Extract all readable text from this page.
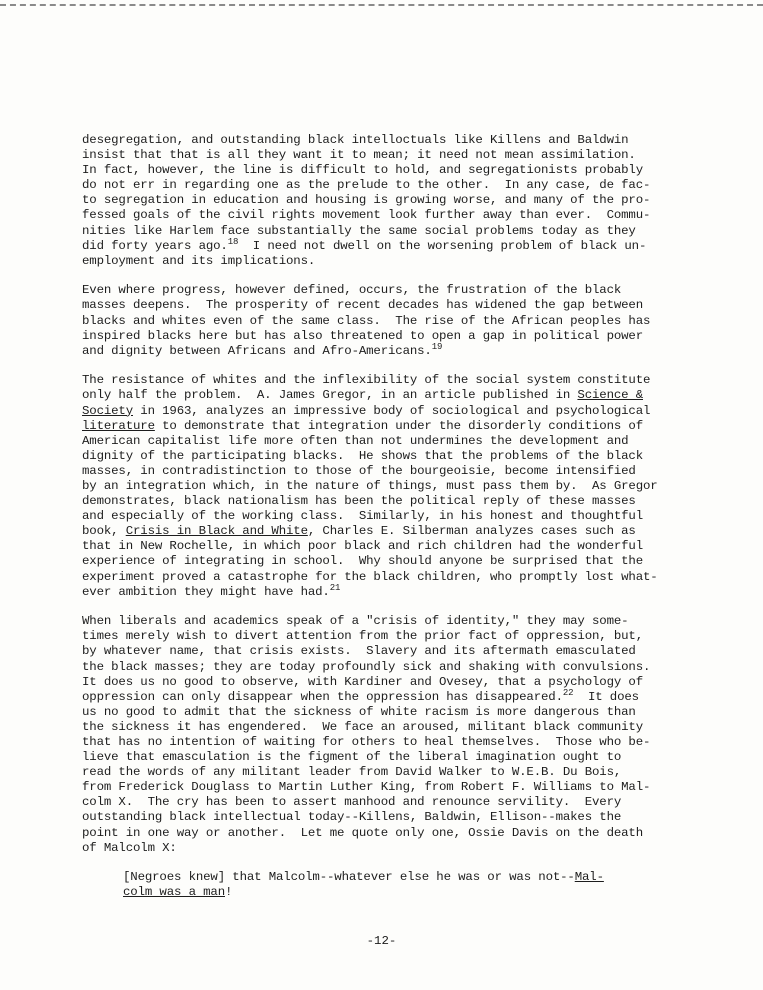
desegregation, and outstanding black intelloctuals like Killens and Baldwin
insist that that is all they want it to mean; it need not mean assimilation.
In fact, however, the line is difficult to hold, and segregationists probably
do not err in regarding one as the prelude to the other.  In any case, de fac-
to segregation in education and housing is growing worse, and many of the pro-
fessed goals of the civil rights movement look further away than ever.  Commu-
nities like Harlem face substantially the same social problems today as they
did forty years ago.$^{18}$  I need not dwell on the worsening problem of black un-
employment and its implications.
Even where progress, however defined, occurs, the frustration of the black
masses deepens.  The prosperity of recent decades has widened the gap between
blacks and whites even of the same class.  The rise of the African peoples has
inspired blacks here but has also threatened to open a gap in political power
and dignity between Africans and Afro-Americans.$^{19}$
The resistance of whites and the inflexibility of the social system constitute
only half the problem.  A. James Gregor, in an article published in Science &
Society in 1963, analyzes an impressive body of sociological and psychological
literature to demonstrate that integration under the disorderly conditions of
American capitalist life more often than not undermines the development and
dignity of the participating blacks.  He shows that the problems of the black
masses, in contradistinction to those of the bourgeoisie, become intensified
by an integration which, in the nature of things, must pass them by.  As Gregor
demonstrates, black nationalism has been the political reply of these masses
and especially of the working class.  Similarly, in his honest and thoughtful
book, Crisis in Black and White, Charles E. Silberman analyzes cases such as
that in New Rochelle, in which poor black and rich children had the wonderful
experience of integrating in school.  Why should anyone be surprised that the
experiment proved a catastrophe for the black children, who promptly lost what-
ever ambition they might have had.$^{21}$
When liberals and academics speak of a "crisis of identity," they may some-
times merely wish to divert attention from the prior fact of oppression, but,
by whatever name, that crisis exists.  Slavery and its aftermath emasculated
the black masses; they are today profoundly sick and shaking with convulsions.
It does us no good to observe, with Kardiner and Ovesey, that a psychology of
oppression can only disappear when the oppression has disappeared.$^{22}$  It does
us no good to admit that the sickness of white racism is more dangerous than
the sickness it has engendered.  We face an aroused, militant black community
that has no intention of waiting for others to heal themselves.  Those who be-
lieve that emasculation is the figment of the liberal imagination ought to
read the words of any militant leader from David Walker to W.E.B. Du Bois,
from Frederick Douglass to Martin Luther King, from Robert F. Williams to Mal-
colm X.  The cry has been to assert manhood and renounce servility.  Every
outstanding black intellectual today--Killens, Baldwin, Ellison--makes the
point in one way or another.  Let me quote only one, Ossie Davis on the death
of Malcolm X:
[Negroes knew] that Malcolm--whatever else he was or was not--Mal-
colm was a man!
-12-
